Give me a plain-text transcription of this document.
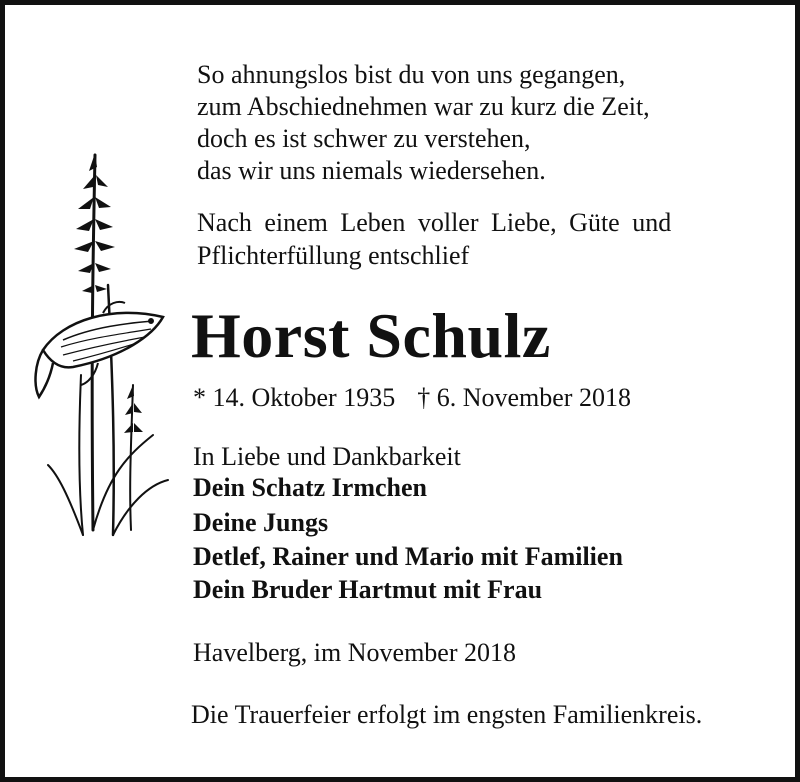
So ahnungslos bist du von uns gegangen,
zum Abschiednehmen war zu kurz die Zeit,
doch es ist schwer zu verstehen,
das wir uns niemals wiedersehen.
Nach einem Leben voller Liebe, Güte und
Pflichterfüllung entschlief
Horst Schulz
* 14. Oktober 1935 † 6. November 2018
In Liebe und Dankbarkeit
Dein Schatz Irmchen
Deine Jungs
Detlef, Rainer und Mario mit Familien
Dein Bruder Hartmut mit Frau
Havelberg, im November 2018
Die Trauerfeier erfolgt im engsten Familienkreis.
